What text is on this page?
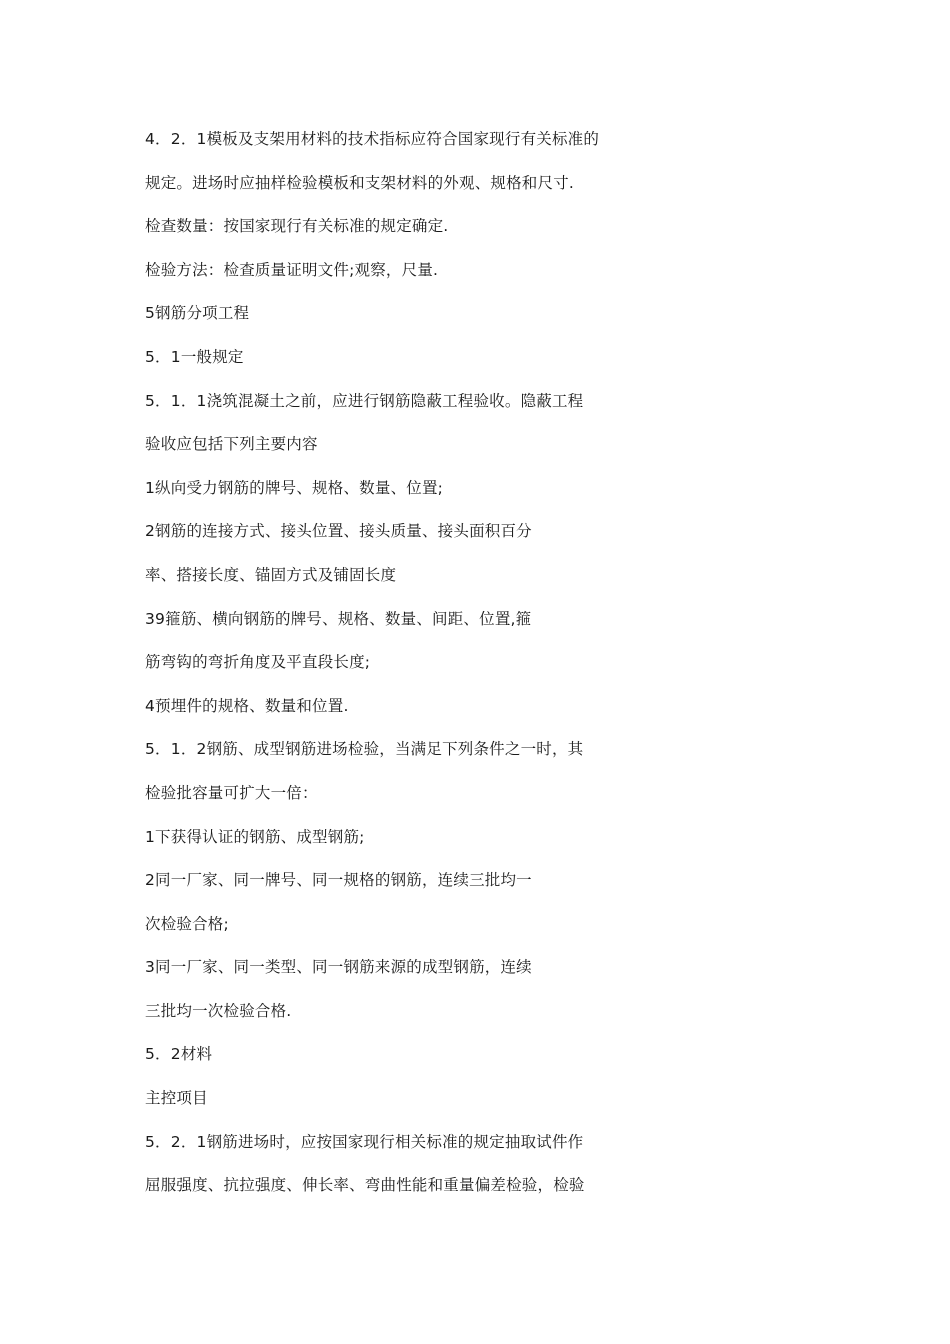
4．2．1模板及支架用材料的技术指标应符合国家现行有关标准的
规定。进场时应抽样检验模板和支架材料的外观、规格和尺寸.
检查数量：按国家现行有关标准的规定确定.
检验方法：检查质量证明文件;观察，尺量.
5钢筋分项工程
5．1一般规定
5．1．1浇筑混凝土之前，应进行钢筋隐蔽工程验收。隐蔽工程
验收应包括下列主要内容
1纵向受力钢筋的牌号、规格、数量、位置;
2钢筋的连接方式、接头位置、接头质量、接头面积百分
率、搭接长度、锚固方式及铺固长度
39箍筋、横向钢筋的牌号、规格、数量、间距、位置,箍
筋弯钩的弯折角度及平直段长度;
4预埋件的规格、数量和位置.
5．1．2钢筋、成型钢筋进场检验，当满足下列条件之一时，其
检验批容量可扩大一倍：
1下获得认证的钢筋、成型钢筋;
2同一厂家、同一牌号、同一规格的钢筋，连续三批均一
次检验合格;
3同一厂家、同一类型、同一钢筋来源的成型钢筋，连续
三批均一次检验合格.
5．2材料
主控项目
5．2．1钢筋进场时，应按国家现行相关标准的规定抽取试件作
屈服强度、抗拉强度、伸长率、弯曲性能和重量偏差检验，检验
